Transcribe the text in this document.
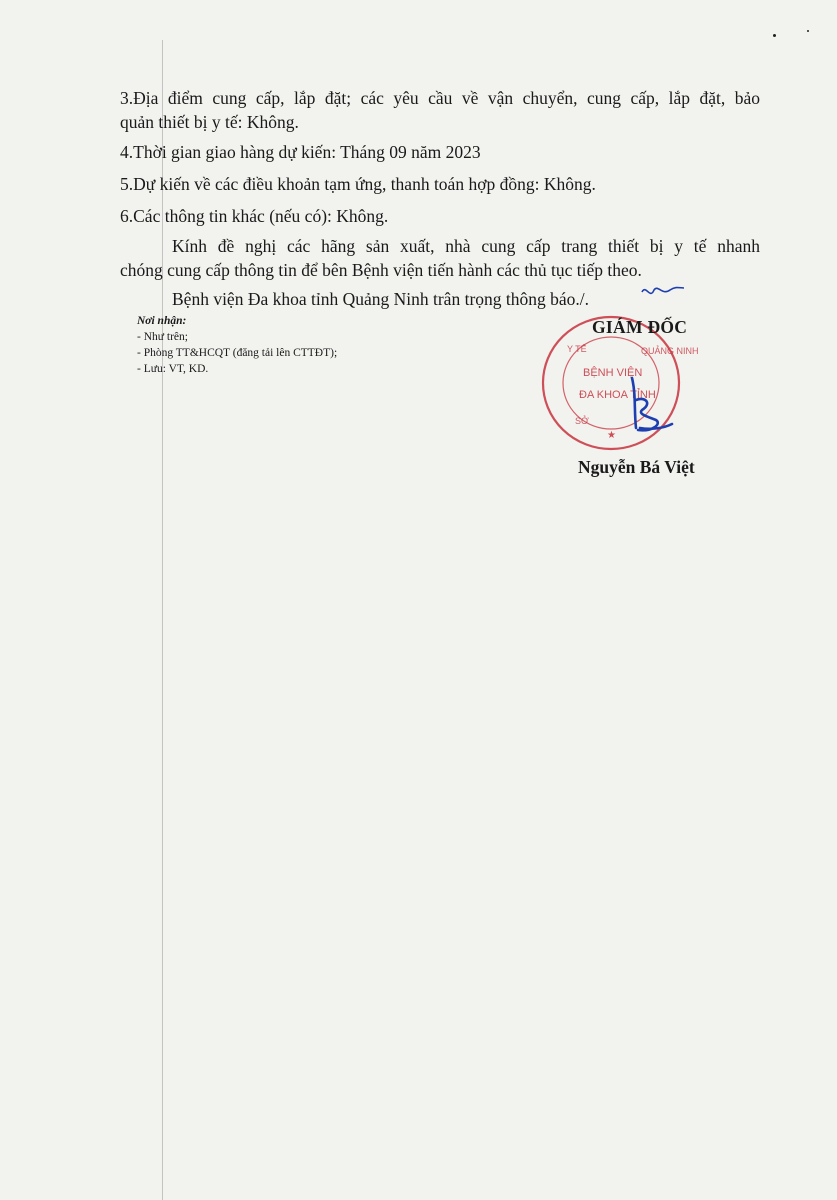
3.Địa điểm cung cấp, lắp đặt; các yêu cầu về vận chuyển, cung cấp, lắp đặt, bảo

quản thiết bị y tế: Không.

4.Thời gian giao hàng dự kiến: Tháng 09 năm 2023

5.Dự kiến về các điều khoản tạm ứng, thanh toán hợp đồng: Không.

6.Các thông tin khác (nếu có): Không.

Kính đề nghị các hãng sản xuất, nhà cung cấp trang thiết bị y tế nhanh

chóng cung cấp thông tin để bên Bệnh viện tiến hành các thủ tục tiếp theo.

Bệnh viện Đa khoa tỉnh Quảng Ninh trân trọng thông báo./.

Nơi nhận:
- Như trên;
- Phòng TT&HCQT (đăng tải lên CTTĐT);
- Lưu: VT, KD.
Y TẾ	QUẢNG NINH
SỞ
BỆNH VIỆN
ĐA KHOA TỈNH
★
GIÁM ĐỐC
Nguyễn Bá Việt
